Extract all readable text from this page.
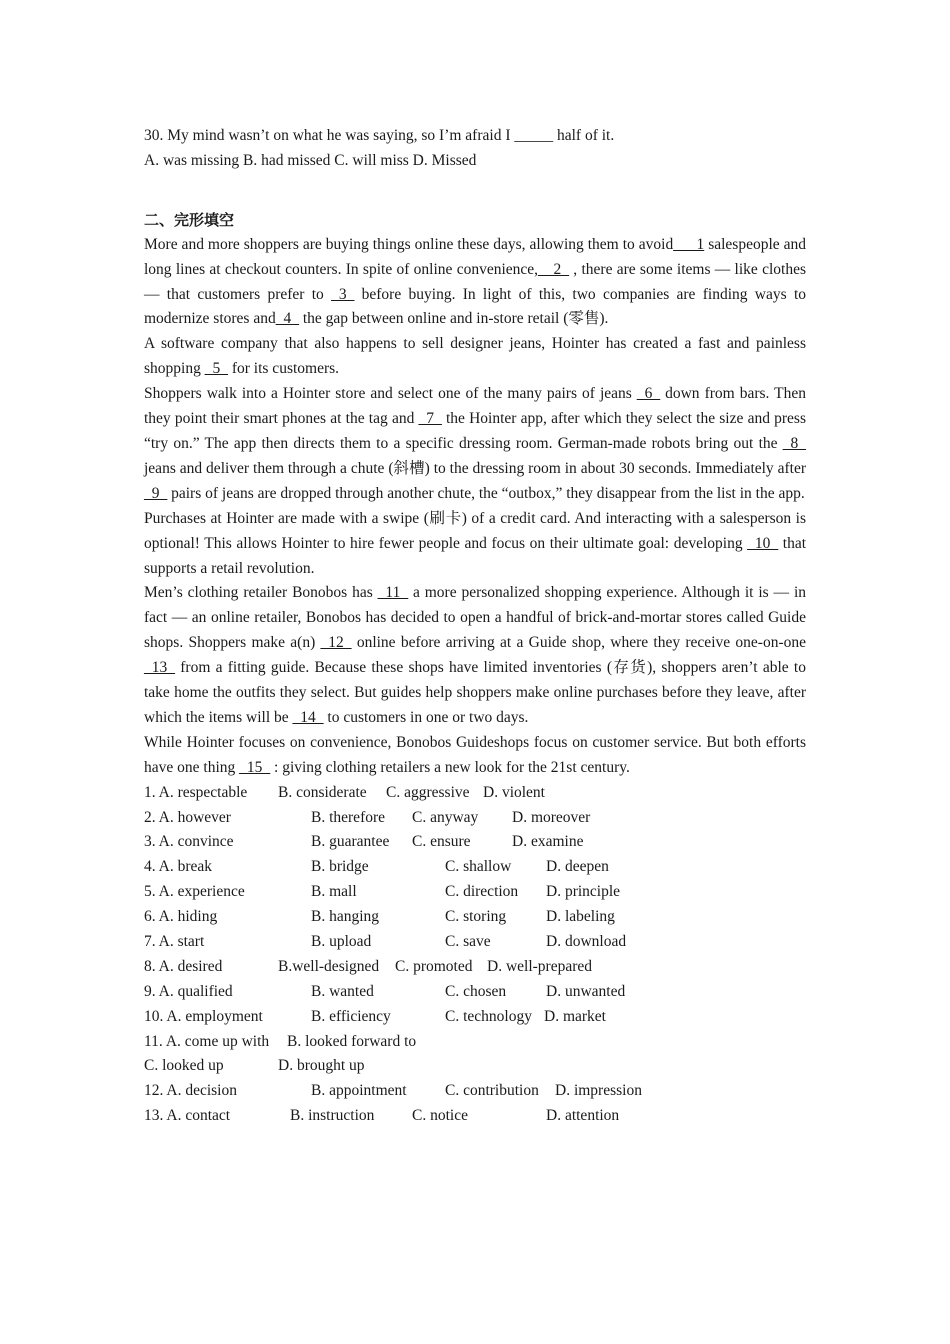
30. My mind wasn’t on what he was saying, so I’m afraid I _____ half of it.
A. was missing B. had missed C. will miss D. Missed
二、完形填空
More and more shoppers are buying things online these days, allowing them to avoid___1 salespeople and long lines at checkout counters. In spite of online convenience,__2_ , there are some items — like clothes — that customers prefer to _3_ before buying. In light of this, two companies are finding ways to modernize stores and_4_ the gap between online and in-store retail (零售).
A software company that also happens to sell designer jeans, Hointer has created a fast and painless shopping _5_ for its customers.
Shoppers walk into a Hointer store and select one of the many pairs of jeans _6_ down from bars. Then they point their smart phones at the tag and _7_ the Hointer app, after which they select the size and press “try on.” The app then directs them to a specific dressing room. German-made robots bring out the _8_ jeans and deliver them through a chute (斜槽) to the dressing room in about 30 seconds. Immediately after _9_ pairs of jeans are dropped through another chute, the “outbox,” they disappear from the list in the app.
Purchases at Hointer are made with a swipe (刷卡) of a credit card. And interacting with a salesperson is optional! This allows Hointer to hire fewer people and focus on their ultimate goal: developing _10_ that supports a retail revolution.
Men’s clothing retailer Bonobos has _11_ a more personalized shopping experience. Although it is — in fact — an online retailer, Bonobos has decided to open a handful of brick-and-mortar stores called Guide shops. Shoppers make a(n) _12_ online before arriving at a Guide shop, where they receive one-on-one _13_ from a fitting guide. Because these shops have limited inventories (存货), shoppers aren’t able to take home the outfits they select. But guides help shoppers make online purchases before they leave, after which the items will be _14_ to customers in one or two days.
While Hointer focuses on convenience, Bonobos Guideshops focus on customer service. But both efforts have one thing _15_ : giving clothing retailers a new look for the 21st century.
1. A. respectable B. considerate C. aggressive D. violent
2. A. however	B. therefore C. anyway D. moreover
3. A. convince	B. guarantee C. ensure	D. examine
4. A. break	B. bridge	C. shallow D. deepen
5. A. experience	B. mall	C. direction D. principle
6. A. hiding	B. hanging	C. storing	D. labeling
7. A. start	B. upload	C. save	D. download
8. A. desired	B.well-designed C. promoted D. well-prepared
9. A. qualified	B. wanted	C. chosen	D. unwanted
10. A. employment	B. efficiency	C. technology D. market
11. A. come up with B. looked forward to
C. looked up	D. brought up
12. A. decision	B. appointment C. contribution D. impression
13. A. contact	B. instruction C. notice	D. attention
